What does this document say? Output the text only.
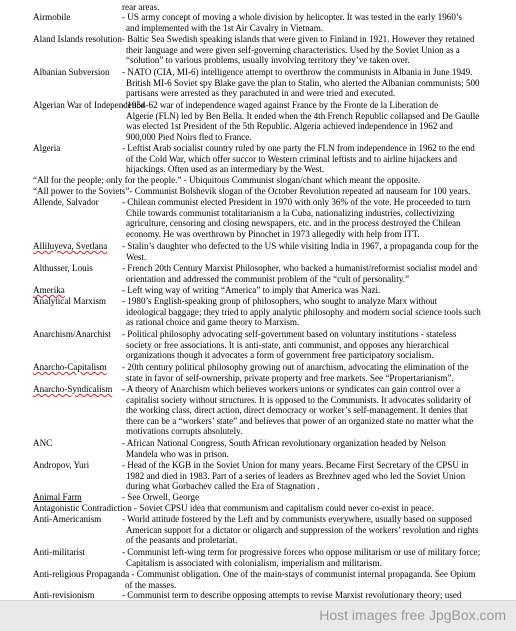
rear areas.
Airmobile	- US army concept of moving a whole division by helicopter. It was tested in the early 1960’s
and implemented with the 1st Air Cavalry in Vietnam.
Aland Islands resolution - Baltic Sea Swedish speaking islands that were given to Finland in 1921. However they retained
their language and were given self-governing characteristics. Used by the Soviet Union as a
“solution” to various problems, usually involving territory they’ve taken over.
Albanian Subversion - NATO (CIA, MI-6) intelligence attempt to overthrow the communists in Albania in June 1949.
British MI-6 Soviet spy Blake gave the plan to Stalin, who alerted the Albanian communists; 500
partisans were arrested as they parachuted in and were tried and executed.
Algerian War of Independence
- 1954-62 war of independence waged against France by the Fronte de la Liberation de
Algerie (FLN) led by Ben Bella. It ended when the 4th French Republic collapsed and De Gaulle
was elected 1st President of the 5th Republic. Algeria achieved independence in 1962 and
900,000 Pied Noirs fled to France.
Algeria	- Leftist Arab socialist country ruled by one party the FLN from independence in 1962 to the end
of the Cold War, which offer succor to Western criminal leftists and to airline hijackers and
hijackings. Often used as an intermediary by the West.
“All for the people; only for the people.” - Ubiquitous Communist slogan/chant which meant the opposite.
“All power to the Soviets”- Communist Bolshevik slogan of the October Revolution repeated ad nauseam for 100 years.
Allende, Salvador	- Chilean communist elected President in 1970 with only 36% of the vote. He proceeded to turn
Chile towards communist totalitarianism a la Cuba, nationalizing industries, collectivizing
agriculture, censoring and closing newspapers, etc. and in the process destroyed the Chilean
economy. He was overthrown by Pinochet in 1973 allegedly with help from ITT.
Alliluyeva, Svetlana - Stalin’s daughter who defected to the US while visiting India in 1967, a propaganda coup for the
West.
Althusser, Louis	- French 20th Century Marxist Philosopher, who backed a humanist/reformist socialist model and
orientation and addressed the communist problem of the “cult of personality.”
Amerika	- Left wing way of writing “America” to imply that America was Nazi.
Analytical Marxism - 1980’s English-speaking group of philosophers, who sought to analyze Marx without
ideological baggage; they tried to apply analytic philosophy and modern social science tools such
as rational choice and game theory to Marxism.
Anarchism/Anarchist - Political philosophy advocating self-government based on voluntary institutions - stateless
society or free associations. It is anti-state, anti communist, and opposes any hierarchical
organizations though it advocates a form of government free participatory socialism.
Anarcho-Capitalism - 20th century political philosophy growing out of anarchism, advocating the elimination of the
state in favor of self-ownership, private property and free markets. See “Propertarianism”.
Anarcho-Syndicalism - A theory of Anarchism which believes workers unions or syndicates can gain control over a
capitalist society without structures. It is opposed to the Communists. It advocates solidarity of
the working class, direct action, direct democracy or worker’s self-management. It denies that
there can be a “workers’ state” and believes that power of an organized state no matter what the
motivations corrupts absolutely.
ANC	- African National Congress, South African revolutionary organization headed by Nelson
Mandela who was in prison.
Andropov, Yuri	- Head of the KGB in the Soviet Union for many years. Became First Secretary of the CPSU in
1982 and died in 1983. Part of a series of leaders as Brezhnev aged who led the Soviet Union
during what Gorbachev called the Era of Stagnation .
Animal Farm	- See Orwell, George
Antagonistic Contradiction - Soviet CPSU idea that communism and capitalism could never co-exist in peace.
Anti-Americanism - World attitude fostered by the Left and by communists everywhere, usually based on supposed
American support for a dictator or oligarch and suppression of the workers’ revolution and rights
of the peasants and proletariat.
Anti-militarist	- Communist left-wing term for progressive forces who oppose militarism or use of military force;
Capitalism is associated with colonialism, imperialism and militarism.
Anti-religious Propaganda - Communist obligation. One of the main-stays of communist internal propaganda. See Opium
of the masses.
Anti-revisionism	- Communist term to describe opposing attempts to revise Marxist revolutionary theory; used
Host images free JpgBox.com
